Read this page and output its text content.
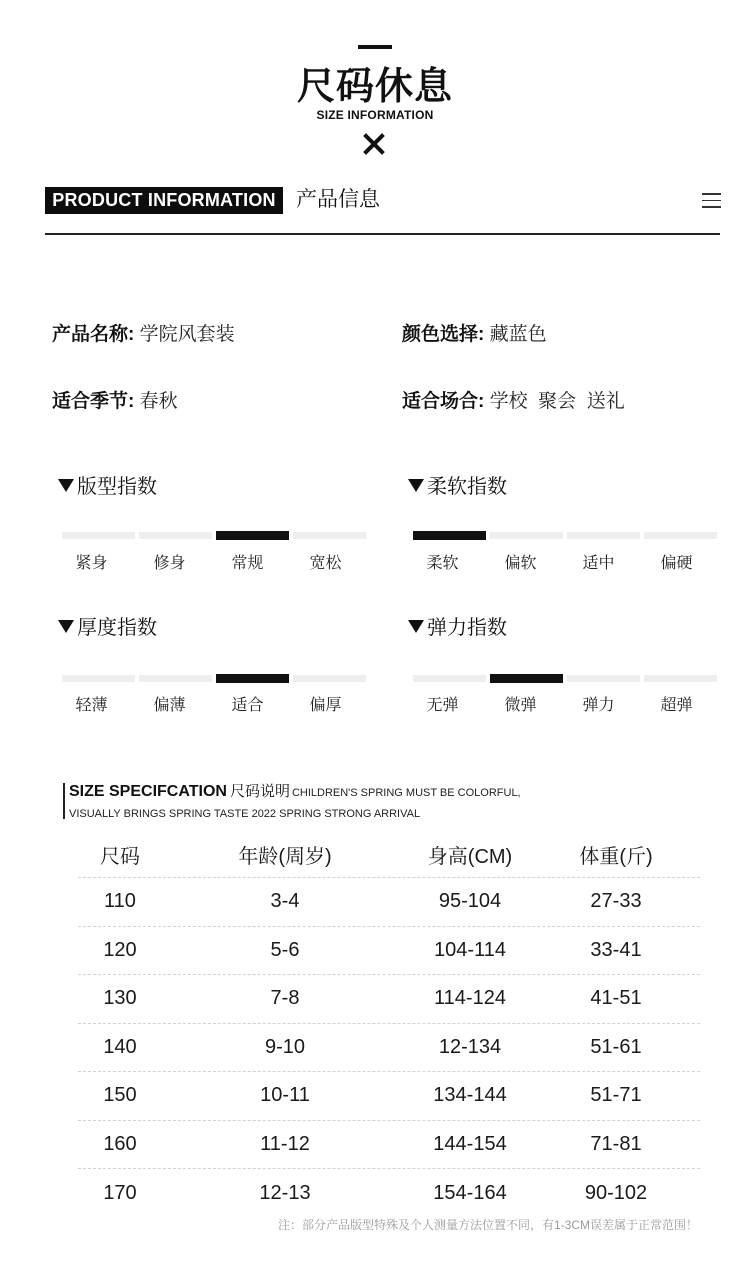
尺码休息
SIZE INFORMATION
PRODUCT INFORMATION 产品信息
产品名称: 学院风套装	颜色选择: 藏蓝色
适合季节: 春秋	适合场合: 学校  聚会  送礼
版型指数
紧身	修身	常规	宽松
柔软指数
柔软	偏软	适中	偏硬
厚度指数
轻薄	偏薄	适合	偏厚
弹力指数
无弹	微弹	弹力	超弹
SIZE SPECIFCATION 尺码说明 CHILDREN'S SPRING MUST BE COLORFUL,
VISUALLY BRINGS SPRING TASTE 2022 SPRING STRONG ARRIVAL
尺码	年龄(周岁)	身高(CM)	体重(斤)
110	3-4	95-104	27-33
120	5-6	104-114	33-41
130	7-8	114-124	41-51
140	9-10	12-134	51-61
150	10-11	134-144	51-71
160	11-12	144-154	71-81
170	12-13	154-164	90-102
注：部分产品版型特殊及个人测量方法位置不同，有1-3CM误差属于正常范围！
